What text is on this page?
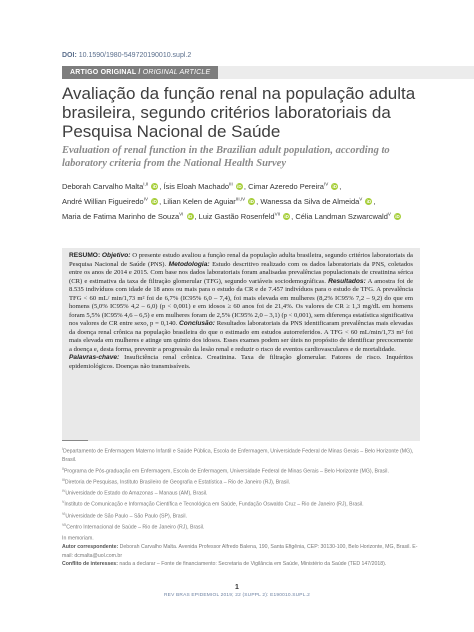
DOI: 10.1590/1980-549720190010.supl.2
ARTIGO ORIGINAL / ORIGINAL ARTICLE
Avaliação da função renal na população adulta brasileira, segundo critérios laboratoriais da Pesquisa Nacional de Saúde
Evaluation of renal function in the Brazilian adult population, according to laboratory criteria from the National Health Survey
Deborah Carvalho Malta$^{I,II}$ iD , Ísis Eloah Machado$^{III}$ iD , Cimar Azeredo Pereira$^{IV}$ iD , André Willian Figueiredo$^{IV}$ iD , Lilian Kelen de Aguiar$^{III,IV}$ iD , Wanessa da Silva de Almeida$^V$ iD , Maria de Fatima Marinho de Souza$^{VI}$ iD , Luiz Gastão Rosenfeld$^{VII}$ iD , Célia Landman Szwarcwald$^V$ iD

RESUMO: Objetivo: O presente estudo avaliou a função renal da população adulta brasileira, segundo critérios laboratoriais da Pesquisa Nacional de Saúde (PNS). Metodologia: Estudo descritivo realizado com os dados laboratoriais da PNS, coletados entre os anos de 2014 e 2015. Com base nos dados laboratoriais foram analisadas prevalências populacionais de creatinina sérica (CR) e estimativa da taxa de filtração glomerular (TFG), segundo variáveis sociodemográficas. Resultados: A amostra foi de 8.535 indivíduos com idade de 18 anos ou mais para o estudo da CR e de 7.457 indivíduos para o estudo de TFG. A prevalência TFG < 60 mL/ min/1,73 m² foi de 6,7% (IC95% 6,0 – 7,4), foi mais elevada em mulheres (8,2% IC95% 7,2 – 9,2) do que em homens (5,0% IC95% 4,2 – 6,0) (p < 0,001) e em idosos ≥ 60 anos foi de 21,4%. Os valores de CR ≥ 1,3 mg/dL em homens foram 5,5% (IC95% 4,6 – 6,5) e em mulheres foram de 2,5% (IC95% 2,0 – 3,1) (p < 0,001), sem diferença estatística significativa nos valores de CR entre sexo, p = 0,140. Conclusão: Resultados laboratoriais da PNS identificaram prevalências mais elevadas da doença renal crônica na população brasileira do que o estimado em estudos autorreferidos. A TFG < 60 mL/min/1,73 m² foi mais elevada em mulheres e atinge um quinto dos idosos. Esses exames podem ser úteis no propósito de identificar precocemente a doença e, desta forma, prevenir a progressão da lesão renal e reduzir o risco de eventos cardiovasculares e de mortalidade.

Palavras-chave: Insuficiência renal crônica. Creatinina. Taxa de filtração glomerular. Fatores de risco. Inquéritos epidemiológicos. Doenças não transmissíveis.

$^I$Departamento de Enfermagem Materno Infantil e Saúde Pública, Escola de Enfermagem, Universidade Federal de Minas Gerais – Belo Horizonte (MG), Brasil.
$^{II}$Programa de Pós-graduação em Enfermagem, Escola de Enfermagem, Universidade Federal de Minas Gerais – Belo Horizonte (MG), Brasil.
$^{III}$Diretoria de Pesquisas, Instituto Brasileiro de Geografia e Estatística – Rio de Janeiro (RJ), Brasil.
$^{IV}$Universidade do Estado do Amazonas – Manaus (AM), Brasil.
$^V$Instituto de Comunicação e Informação Científica e Tecnológica em Saúde, Fundação Oswaldo Cruz – Rio de Janeiro (RJ), Brasil.
$^{VI}$Universidade de São Paulo – São Paulo (SP), Brasil.
$^{VII}$Centro Internacional de Saúde – Rio de Janeiro (RJ), Brasil.
In memoriam.
Autor correspondente: Deborah Carvalho Malta. Avenida Professor Alfredo Balena, 190, Santa Efigênia, CEP: 30130-100, Belo Horizonte, MG, Brasil. E-mail: dcmalta@uol.com.br
Conflito de interesses: nada a declarar – Fonte de financiamento: Secretaria de Vigilância em Saúde, Ministério da Saúde (TED 147/2018).
1
REV BRAS EPIDEMIOL 2019; 22 (SUPPL 2): E190010.SUPL.2
